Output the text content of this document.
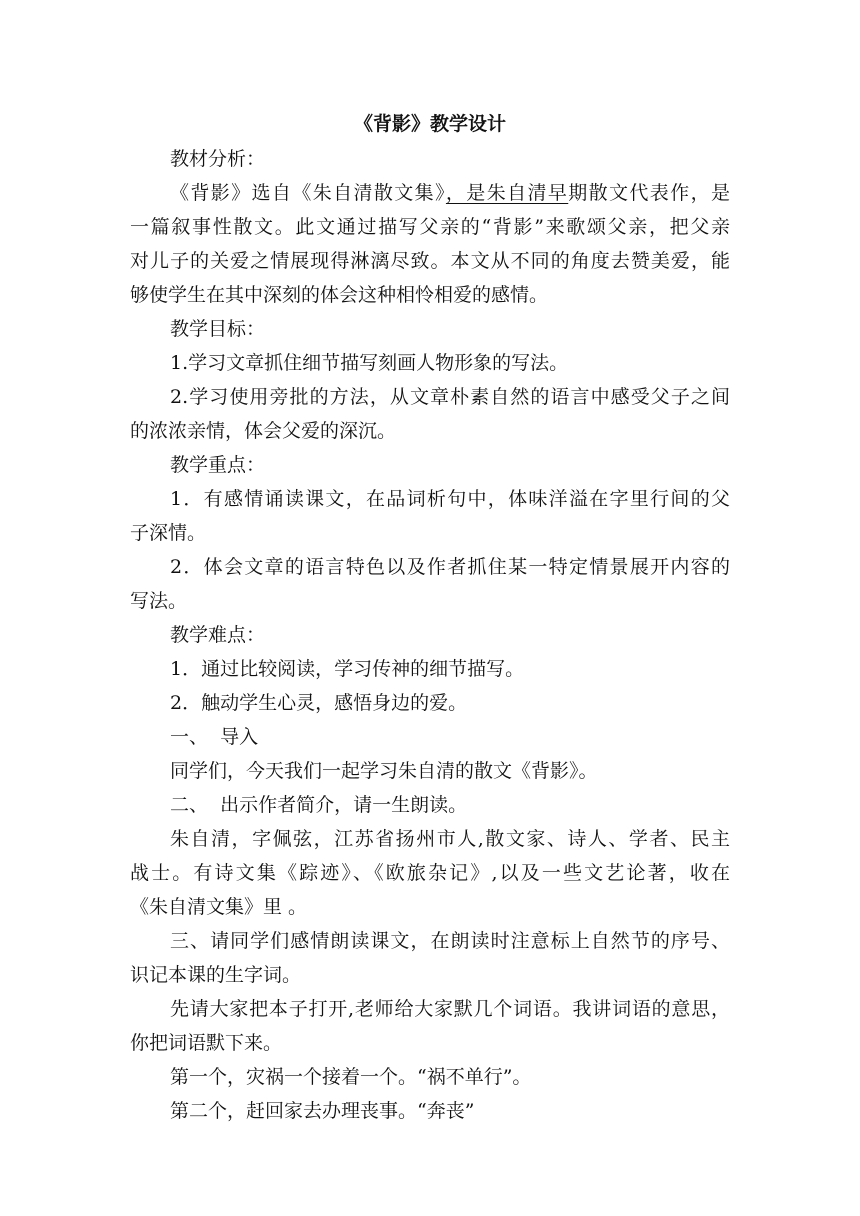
《背影》教学设计
教材分析：
《背影》选自《朱自清散文集》，是朱自清早期散文代表作，是
一篇叙事性散文。此文通过描写父亲的“背影”来歌颂父亲，把父亲
对儿子的关爱之情展现得淋漓尽致。本文从不同的角度去赞美爱，能
够使学生在其中深刻的体会这种相怜相爱的感情。
教学目标：
1.学习文章抓住细节描写刻画人物形象的写法。
2.学习使用旁批的方法，从文章朴素自然的语言中感受父子之间
的浓浓亲情，体会父爱的深沉。
教学重点：
1．有感情诵读课文，在品词析句中，体味洋溢在字里行间的父
子深情。
2．体会文章的语言特色以及作者抓住某一特定情景展开内容的
写法。
教学难点：
1．通过比较阅读，学习传神的细节描写。
2．触动学生心灵，感悟身边的爱。
一、  导入
同学们，今天我们一起学习朱自清的散文《背影》。
二、  出示作者简介，请一生朗读。
朱自清，字佩弦，江苏省扬州市人,散文家、诗人、学者、民主
战士。有诗文集《踪迹》、《欧旅杂记》,以及一些文艺论著，收在
《朱自清文集》里 。
三、请同学们感情朗读课文，在朗读时注意标上自然节的序号、
识记本课的生字词。
先请大家把本子打开,老师给大家默几个词语。我讲词语的意思，
你把词语默下来。
第一个，灾祸一个接着一个。“祸不单行”。
第二个，赶回家去办理丧事。“奔丧”
